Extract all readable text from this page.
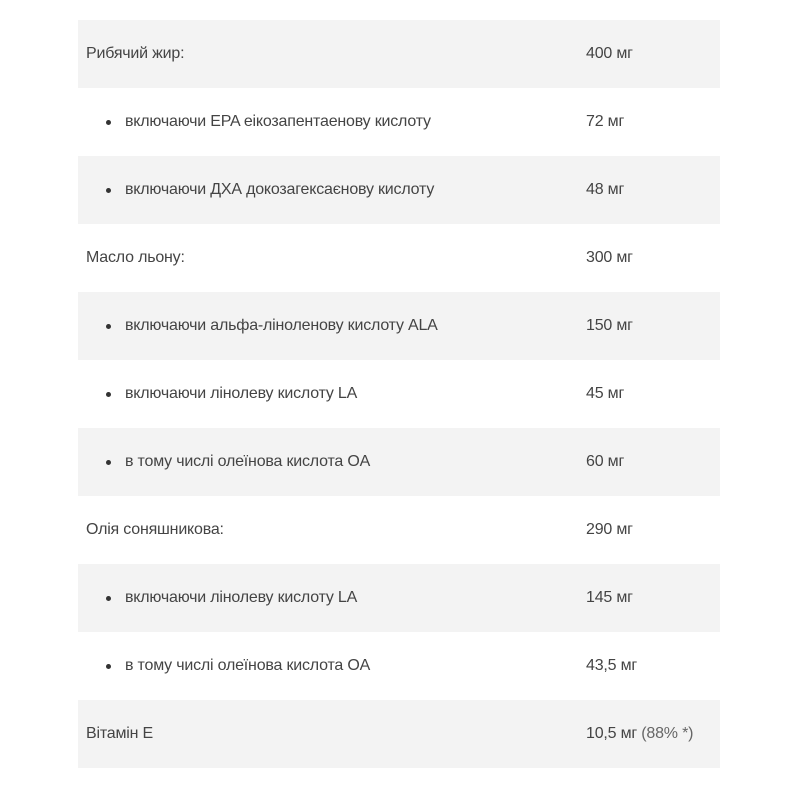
Рибячий жир:	400 мг
включаючи EPA еікозапентаенову кислоту	72 мг
включаючи ДХА докозагексаєнову кислоту	48 мг
Масло льону:	300 мг
включаючи альфа-ліноленову кислоту ALA	150 мг
включаючи лінолеву кислоту LA	45 мг
в тому числі олеїнова кислота OA	60 мг
Олія соняшникова:	290 мг
включаючи лінолеву кислоту LA	145 мг
в тому числі олеїнова кислота OA	43,5 мг
Вітамін Е	10,5 мг (88% *)
